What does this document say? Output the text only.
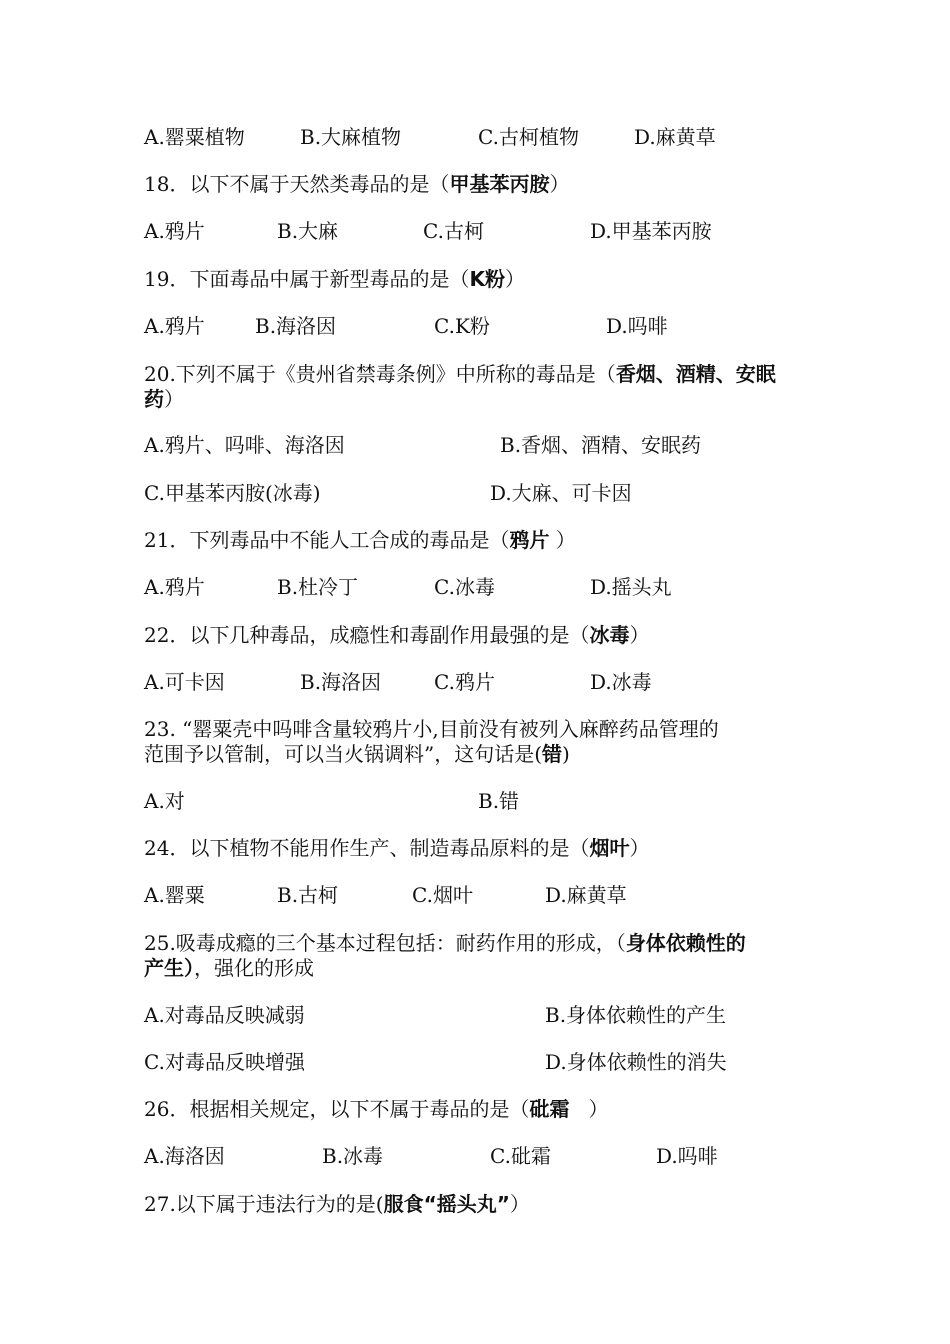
A.罂粟植物	B.大麻植物	C.古柯植物	D.麻黄草
18．以下不属于天然类毒品的是（甲基苯丙胺）
A.鸦片	B.大麻	C.古柯	D.甲基苯丙胺
19．下面毒品中属于新型毒品的是（K粉）
A.鸦片	B.海洛因	C.K粉	D.吗啡
20.下列不属于《贵州省禁毒条例》中所称的毒品是（香烟、酒精、安眠
药）
A.鸦片、吗啡、海洛因	B.香烟、酒精、安眠药
C.甲基苯丙胺(冰毒)	D.大麻、可卡因
21．下列毒品中不能人工合成的毒品是（鸦片 ）
A.鸦片	B.杜冷丁	C.冰毒	D.摇头丸
22．以下几种毒品，成瘾性和毒副作用最强的是（冰毒）
A.可卡因	B.海洛因	C.鸦片	D.冰毒
23. “罂粟壳中吗啡含量较鸦片小,目前没有被列入麻醉药品管理的
范围予以管制，可以当火锅调料”，这句话是(错)
A.对	B.错
24．以下植物不能用作生产、制造毒品原料的是（烟叶）
A.罂粟	B.古柯	C.烟叶	D.麻黄草
25.吸毒成瘾的三个基本过程包括：耐药作用的形成，（身体依赖性的
产生），强化的形成
A.对毒品反映减弱	B.身体依赖性的产生
C.对毒品反映增强	D.身体依赖性的消失
26．根据相关规定，以下不属于毒品的是（砒霜   ）
A.海洛因	B.冰毒	C.砒霜	D.吗啡
27.以下属于违法行为的是(服食“摇头丸”）
